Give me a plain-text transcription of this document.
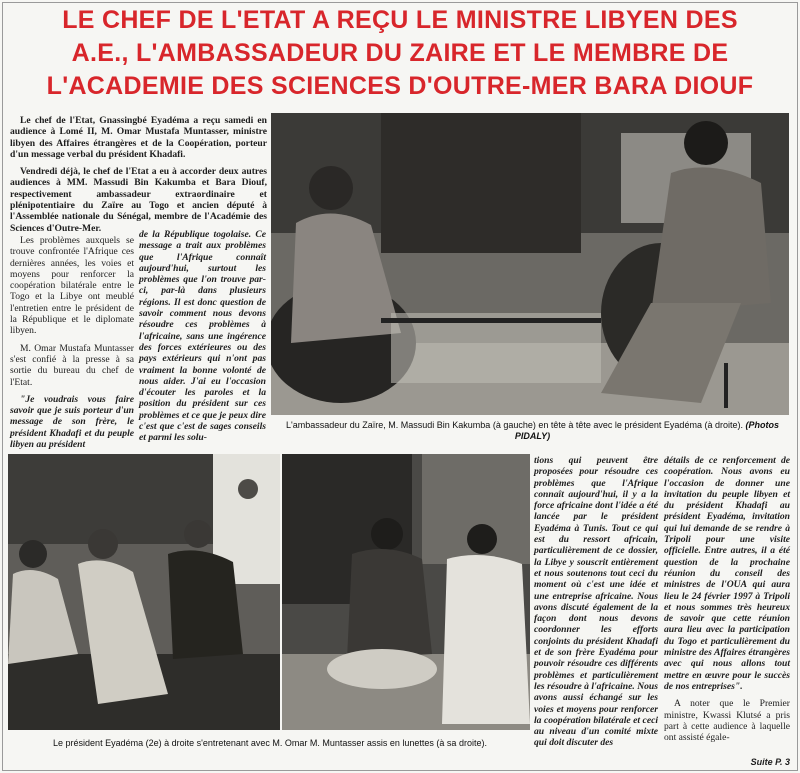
LE CHEF DE L'ETAT A REÇU LE MINISTRE LIBYEN DES
A.E., L'AMBASSADEUR DU ZAIRE ET LE MEMBRE DE
L'ACADEMIE DES SCIENCES D'OUTRE-MER BARA DIOUF

Le chef de l'Etat, Gnassingbé Eyadéma a reçu samedi en audience à Lomé II, M. Omar Mustafa Muntasser, ministre libyen des Affaires étrangères et de la Coopération, porteur d'un message verbal du président Khadafi.

Vendredi déjà, le chef de l'Etat a eu à accorder deux autres audiences à MM. Massudi Bin Kakumba et Bara Diouf, respectivement ambassadeur extraordinaire et plénipotentiaire du Zaïre au Togo et ancien député à l'Assemblée nationale du Sénégal, membre de l'Académie des Sciences d'Outre-Mer.

Les problèmes auxquels se trouve confrontée l'Afrique ces dernières années, les voies et moyens pour renforcer la coopération bilatérale entre le Togo et la Libye ont meublé l'entretien entre le président de la République et le diplomate libyen.

M. Omar Mustafa Muntasser s'est confié à la presse à sa sortie du bureau du chef de l'Etat.

"Je voudrais vous faire savoir que je suis porteur d'un message de son frère, le président Khadafi et du peuple libyen au président

de la République togolaise. Ce message a trait aux problèmes que l'Afrique connaît aujourd'hui, surtout les problèmes que l'on trouve par-ci, par-là dans plusieurs régions. Il est donc question de savoir comment nous devons résoudre ces problèmes à l'africaine, sans une ingérence des forces extérieures ou des pays extérieurs qui n'ont pas vraiment la bonne volonté de nous aider. J'ai eu l'occasion d'écouter les paroles et la position du président sur ces problèmes et ce que je peux dire c'est que c'est de sages conseils et parmi les solu-

L'ambassadeur du Zaïre, M. Massudi Bin Kakumba (à gauche) en tête à tête avec le président Eyadéma (à droite). (Photos PIDALY)
Le président Eyadéma (2e) à droite s'entretenant avec M. Omar M. Muntasser assis en lunettes (à sa droite).

tions qui peuvent être proposées pour résoudre ces problèmes que l'Afrique connaît aujourd'hui, il y a la force africaine dont l'idée a été lancée par le président Eyadéma à Tunis. Tout ce qui est du ressort africain, particulièrement de ce dossier, la Libye y souscrit entièrement et nous soutenons tout ceci du moment où c'est une idée et une entreprise africaine. Nous avons discuté également de la façon dont nous devons coordonner les efforts conjoints du président Khadafi et de son frère Eyadéma pour pouvoir résoudre ces différents problèmes et particulièrement les résoudre à l'africaine. Nous avons aussi échangé sur les voies et moyens pour renforcer la coopération bilatérale et ceci au niveau d'un comité mixte qui doit discuter des

détails de ce renforcement de coopération. Nous avons eu l'occasion de donner une invitation du peuple libyen et du président Khadafi au président Eyadéma, invitation qui lui demande de se rendre à Tripoli pour une visite officielle. Entre autres, il a été question de la prochaine réunion du conseil des ministres de l'OUA qui aura lieu le 24 février 1997 à Tripoli et nous sommes très heureux de savoir que cette réunion aura lieu avec la participation du Togo et particulièrement du ministre des Affaires étrangères avec qui nous allons tout mettre en œuvre pour le succès de nos entreprises".

A noter que le Premier ministre, Kwassi Klutsé a pris part à cette audience à laquelle ont assisté égale-

Suite P. 3
